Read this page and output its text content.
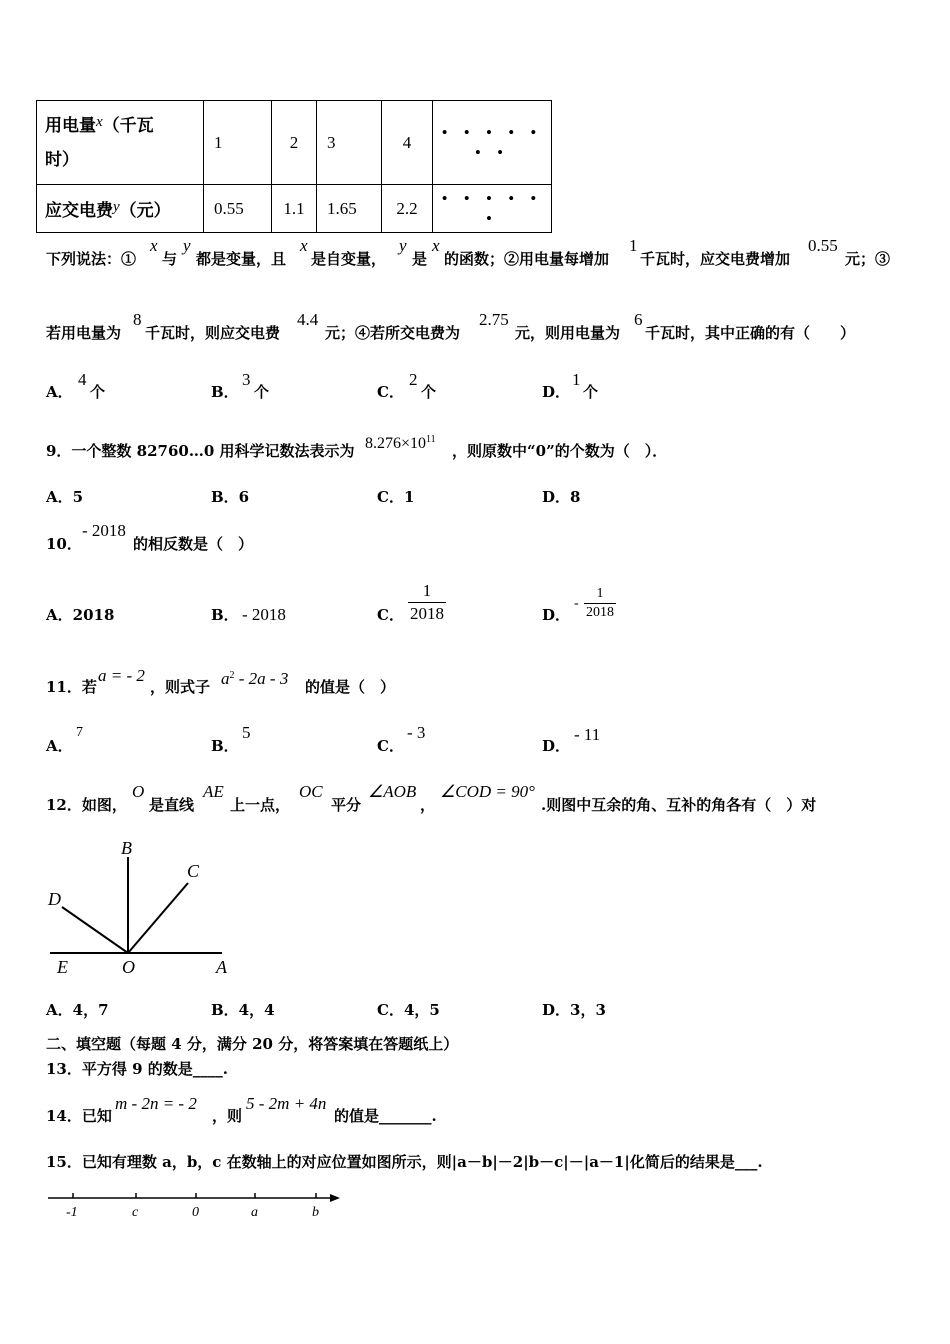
用电量x（千瓦
时）	1	2	3	4	• • • • • • •
应交电费y（元）	0.55	1.1	1.65	2.2	• • • • • •
下列说法：①
x
与
y
都是变量，且
x
是自变量，
y
是
x
的函数；②用电量每增加
1
千瓦时，应交电费增加
0.55
元；③
若用电量为
8
千瓦时，则应交电费
4.4
元；④若所交电费为
2.75
元，则用电量为
6
千瓦时，其中正确的有（　　）
A．
4
个	B．
3
个	C．
2
个	D．
1
个
9．一个整数 82760…0 用科学记数法表示为 $8.276\times 10^{11}$
，则原数中“0”的个数为（　）．
A．5	B．6	C．1	D．8
10．
- 2018
的相反数是（　）
A．2018	B． - 2018	C． $\frac{1}{2018}$	D．
- $\frac{1}{2018}$
11．若
a = - 2
，则式子 $a^2 - 2a - 3$ 的值是（　）
A．
7
B．
5
C．
- 3
D．
- 11
12．如图，
O
是直线
AE
上一点，
OC
平分
∠AOB
，
∠COD = 90°
.则图中互余的角、互补的角各有（　）对
B
C
D
E	O	A
A．4，7	B．4，4	C．4，5	D．3，3
二、填空题（每题 4 分，满分 20 分，将答案填在答题纸上）
13．平方得 9 的数是____.
14．已知
m - 2n = - 2
，则
5 - 2m + 4n
的值是_______.
15．已知有理数 a，b，c 在数轴上的对应位置如图所示，则|a－b|－2|b－c|－|a－1|化简后的结果是___.
-1	c	0	a	b
